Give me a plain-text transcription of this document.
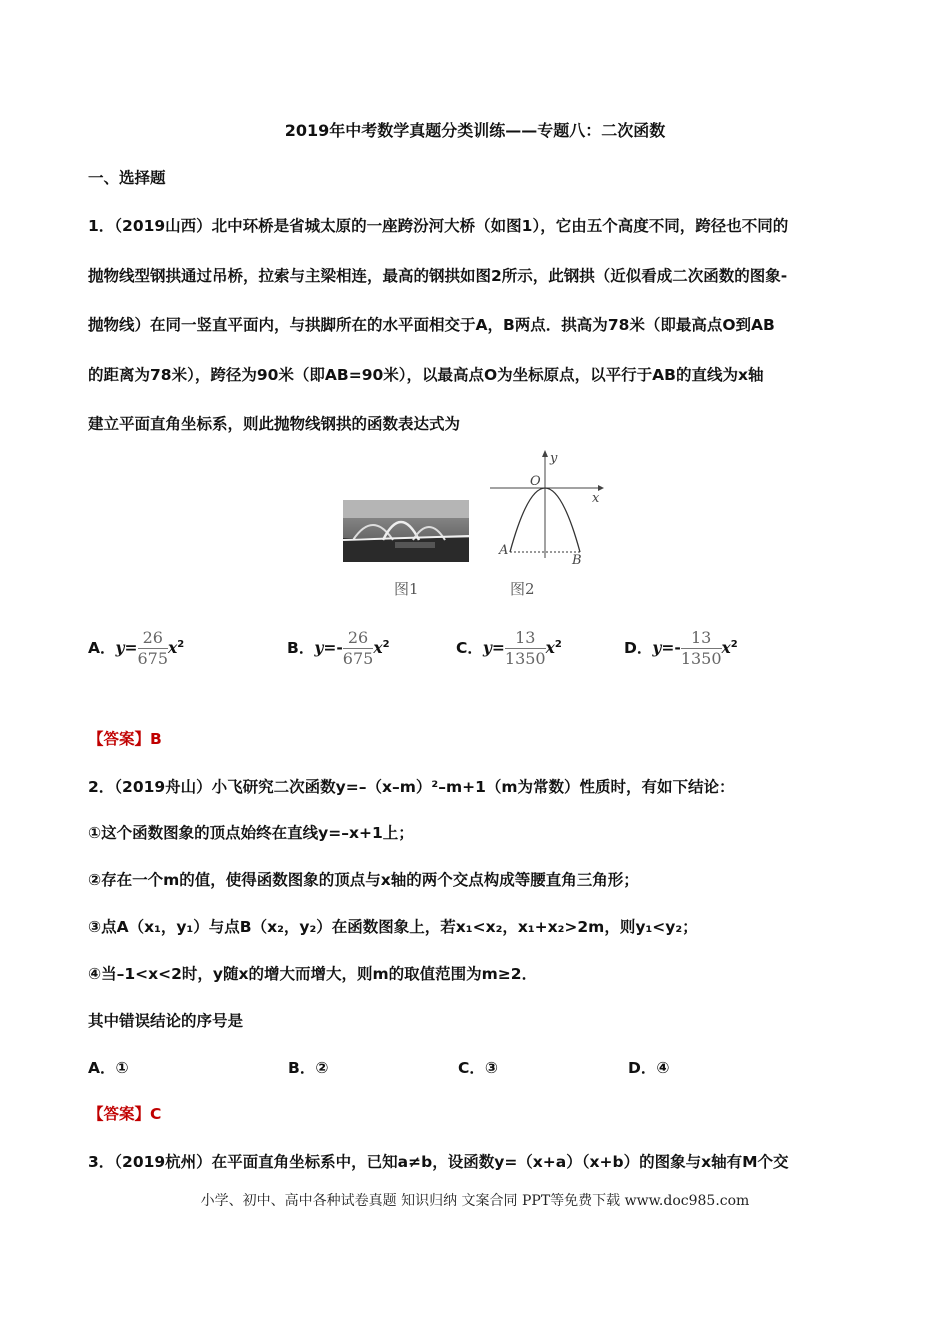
2019年中考数学真题分类训练——专题八：二次函数
一、选择题
1．（2019山西）北中环桥是省城太原的一座跨汾河大桥（如图1），它由五个高度不同，跨径也不同的
抛物线型钢拱通过吊桥，拉索与主梁相连，最高的钢拱如图2所示，此钢拱（近似看成二次函数的图象-
抛物线）在同一竖直平面内，与拱脚所在的水平面相交于A，B两点．拱高为78米（即最高点O到AB
的距离为78米），跨径为90米（即AB=90米），以最高点O为坐标原点，以平行于AB的直线为x轴
建立平面直角坐标系，则此抛物线钢拱的函数表达式为
图1
y
x
O
A
B
图2
A．$y= \frac{26}{675} x^2$	B．$y=- \frac{26}{675} x^2$	C．$y= \frac{13}{1350} x^2$	D．$y=- \frac{13}{1350} x^2$
【答案】B
2．（2019舟山）小飞研究二次函数y=–（x–m）²–m+1（m为常数）性质时，有如下结论：
①这个函数图象的顶点始终在直线y=–x+1上；
②存在一个m的值，使得函数图象的顶点与x轴的两个交点构成等腰直角三角形；
③点A（x₁，y₁）与点B（x₂，y₂）在函数图象上，若x₁<x₂，x₁+x₂>2m，则y₁<y₂；
④当–1<x<2时，y随x的增大而增大，则m的取值范围为m≥2．
其中错误结论的序号是
A．①	B．②	C．③	D．④
【答案】C
3．（2019杭州）在平面直角坐标系中，已知a≠b，设函数y=（x+a）（x+b）的图象与x轴有M个交
小学、初中、高中各种试卷真题 知识归纳 文案合同 PPT等免费下载 www.doc985.com
